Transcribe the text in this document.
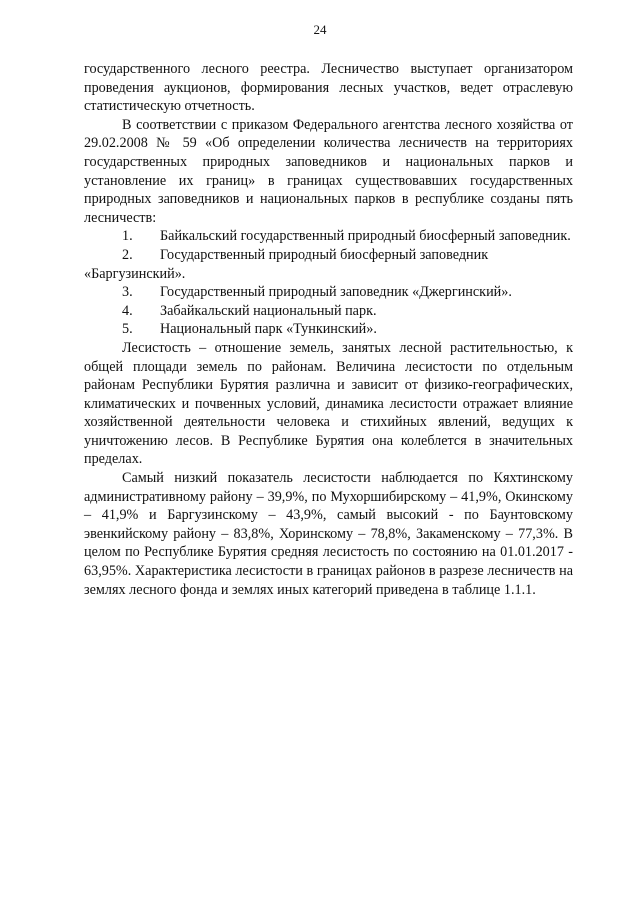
24

государственного лесного реестра. Лесничество выступает организатором проведения аукционов, формирования лесных участков, ведет отраслевую статистическую отчетность.

В соответствии с приказом Федерального агентства лесного хозяйства от 29.02.2008 № 59 «Об определении количества лесничеств на территориях государственных природных заповедников и национальных парков и установление их границ» в границах существовавших государственных природных заповедников и национальных парков в республике созданы пять лесничеств:

1. Байкальский государственный природный биосферный заповедник.
2. Государственный природный биосферный заповедник «Баргузинский».
3.	Государственный природный заповедник «Джергинский».
4.	Забайкальский национальный парк.
5.	Национальный парк «Тункинский».

Лесистость – отношение земель, занятых лесной растительностью, к общей площади земель по районам. Величина лесистости по отдельным районам Республики Бурятия различна и зависит от физико-географических, климатических и почвенных условий, динамика лесистости отражает влияние хозяйственной деятельности человека и стихийных явлений, ведущих к уничтожению лесов. В Республике Бурятия она колеблется в значительных пределах.

Самый низкий показатель лесистости наблюдается по Кяхтинскому административному району – 39,9%, по Мухоршибирскому – 41,9%, Окинскому – 41,9% и Баргузинскому – 43,9%, самый высокий - по Баунтовскому эвенкийскому району – 83,8%, Хоринскому – 78,8%, Закаменскому – 77,3%. В целом по Республике Бурятия средняя лесистость по состоянию на 01.01.2017 - 63,95%. Характеристика лесистости в границах районов в разрезе лесничеств на землях лесного фонда и землях иных категорий приведена в таблице 1.1.1.
